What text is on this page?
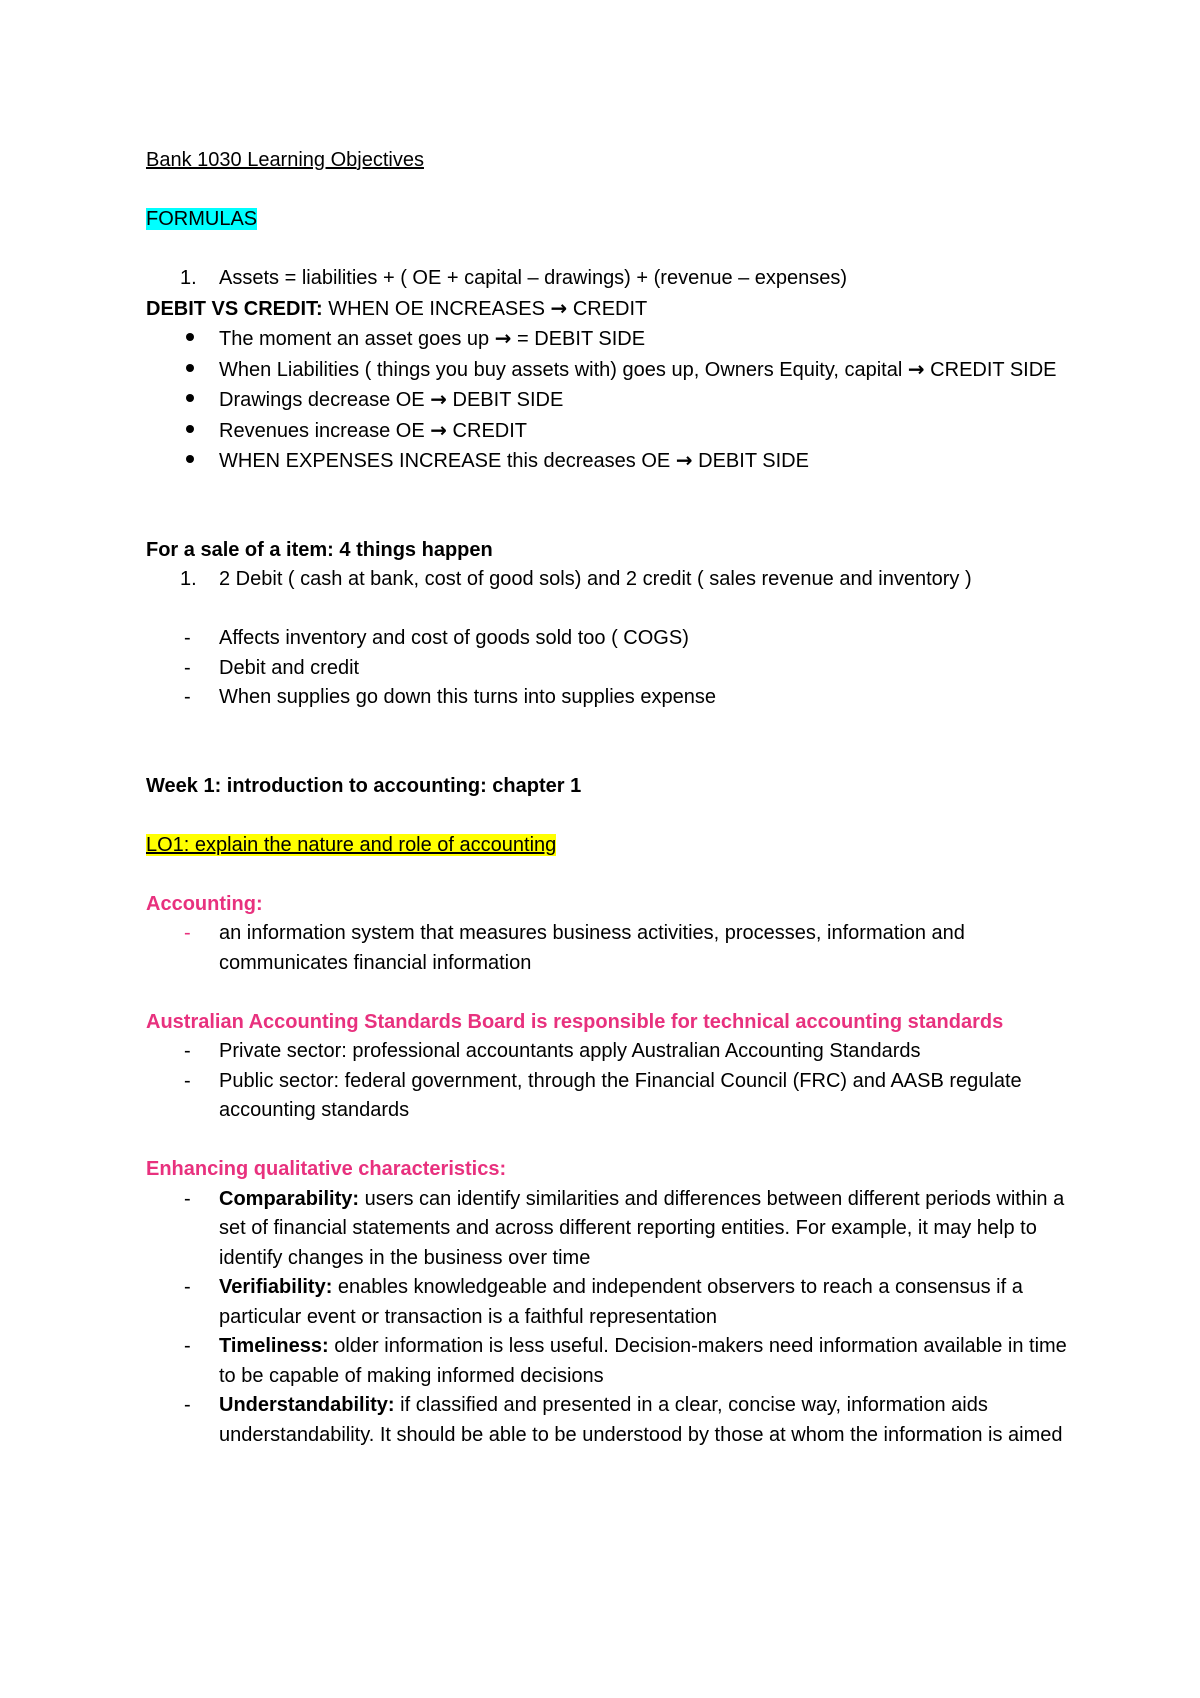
Bank 1030 Learning Objectives

FORMULAS

1.	Assets = liabilities + ( OE + capital – drawings) + (revenue – expenses)

DEBIT VS CREDIT: WHEN OE INCREASES → CREDIT

The moment an asset goes up → = DEBIT SIDE
When Liabilities ( things you buy assets with) goes up, Owners Equity, capital → CREDIT SIDE
Drawings decrease OE → DEBIT SIDE
Revenues increase OE → CREDIT
WHEN EXPENSES INCREASE this decreases OE → DEBIT SIDE

For a sale of a item: 4 things happen

1.	2 Debit ( cash at bank, cost of good sols) and 2 credit ( sales revenue and inventory )
-	Affects inventory and cost of goods sold too ( COGS)
-	Debit and credit
-	When supplies go down this turns into supplies expense

Week 1: introduction to accounting: chapter 1

LO1: explain the nature and role of accounting

Accounting:

-	an information system that measures business activities, processes, information and communicates financial information

Australian Accounting Standards Board is responsible for technical accounting standards

-	Private sector: professional accountants apply Australian Accounting Standards
-	Public sector: federal government, through the Financial Council (FRC) and AASB regulate accounting standards

Enhancing qualitative characteristics:

-	Comparability: users can identify similarities and differences between different periods within a set of financial statements and across different reporting entities. For example, it may help to identify changes in the business over time
-	Verifiability: enables knowledgeable and independent observers to reach a consensus if a particular event or transaction is a faithful representation
-	Timeliness: older information is less useful. Decision-makers need information available in time to be capable of making informed decisions
-	Understandability: if classified and presented in a clear, concise way, information aids understandability. It should be able to be understood by those at whom the information is aimed
